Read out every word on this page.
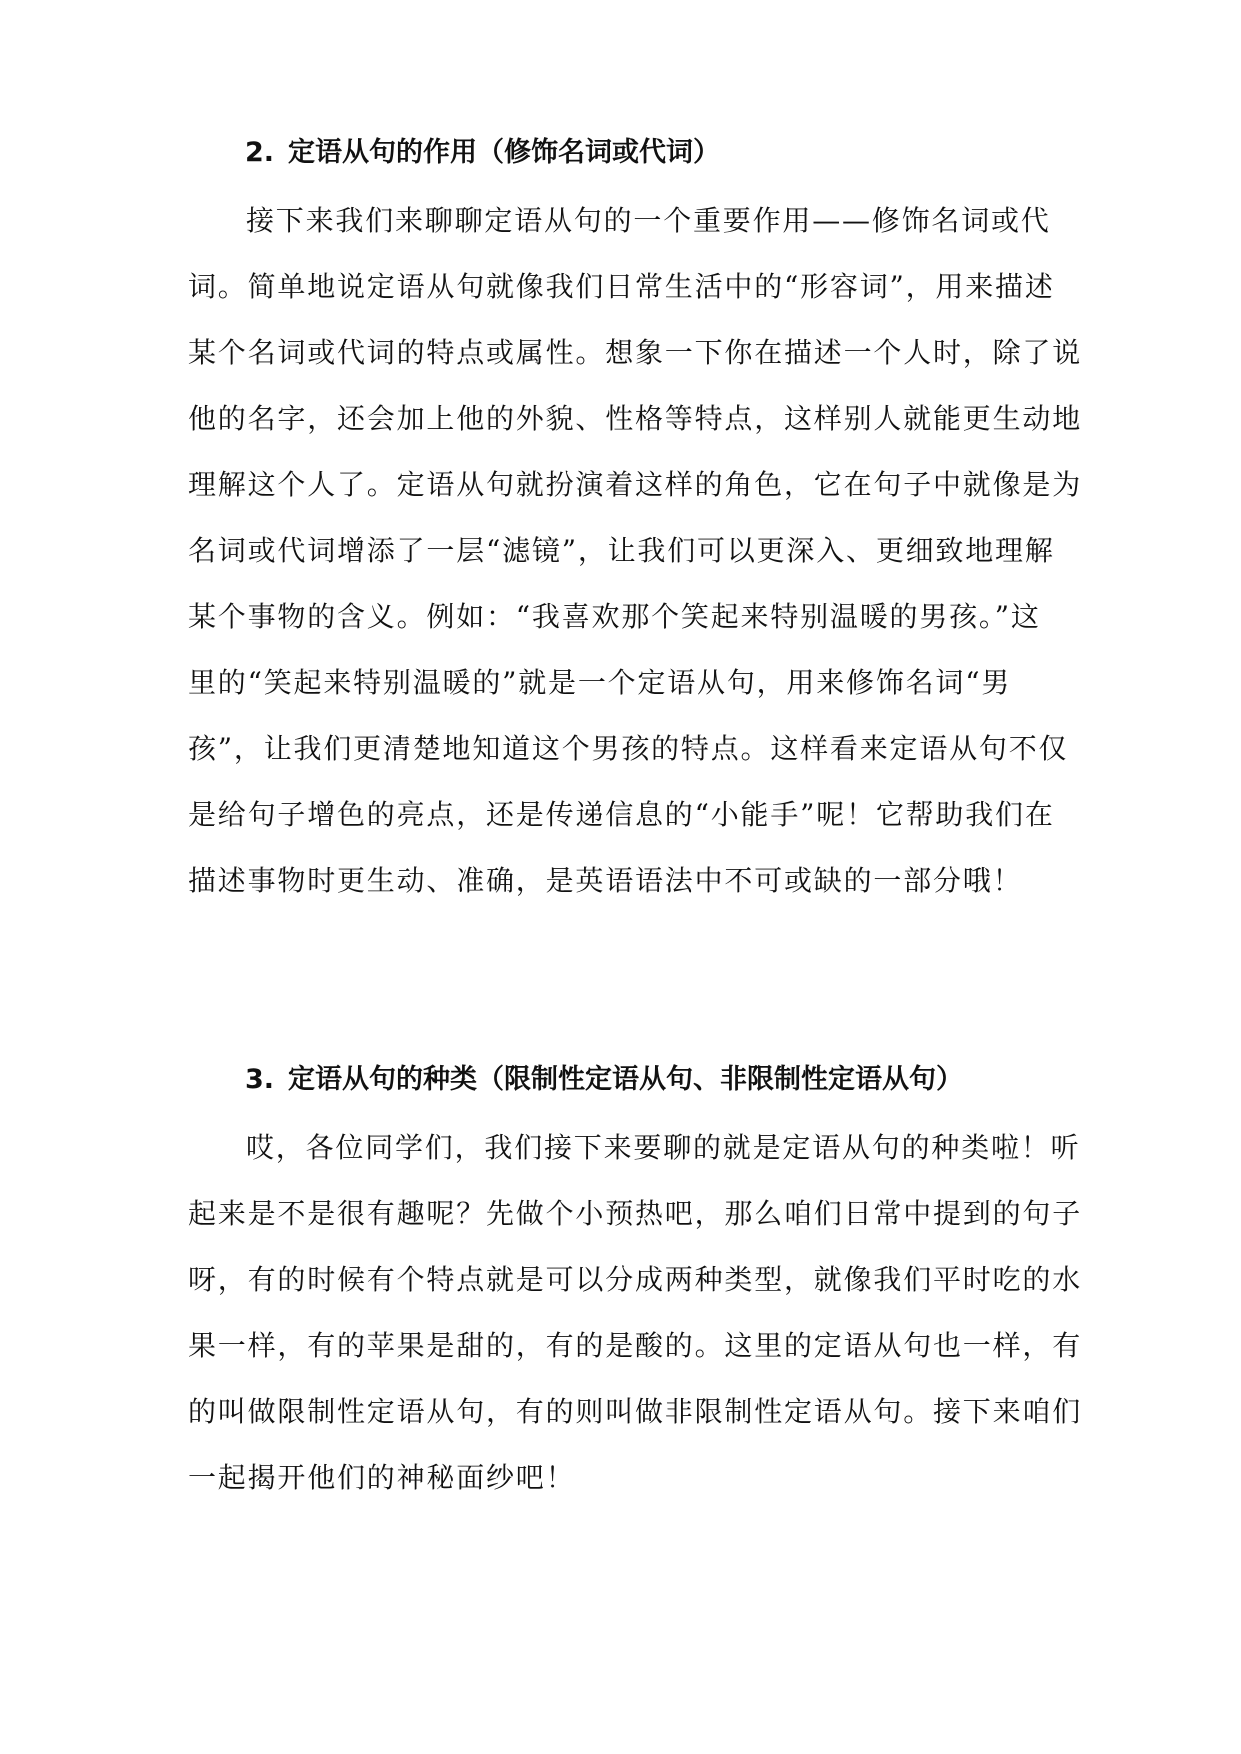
2. 定语从句的作用（修饰名词或代词）
接下来我们来聊聊定语从句的一个重要作用——修饰名词或代
词。简单地说定语从句就像我们日常生活中的“形容词”，用来描述
某个名词或代词的特点或属性。想象一下你在描述一个人时，除了说
他的名字，还会加上他的外貌、性格等特点，这样别人就能更生动地
理解这个人了。定语从句就扮演着这样的角色，它在句子中就像是为
名词或代词增添了一层“滤镜”，让我们可以更深入、更细致地理解
某个事物的含义。例如：“我喜欢那个笑起来特别温暖的男孩。”这
里的“笑起来特别温暖的”就是一个定语从句，用来修饰名词“男
孩”，让我们更清楚地知道这个男孩的特点。这样看来定语从句不仅
是给句子增色的亮点，还是传递信息的“小能手”呢！它帮助我们在
描述事物时更生动、准确，是英语语法中不可或缺的一部分哦！
3. 定语从句的种类（限制性定语从句、非限制性定语从句）
哎，各位同学们，我们接下来要聊的就是定语从句的种类啦！听
起来是不是很有趣呢？先做个小预热吧，那么咱们日常中提到的句子
呀，有的时候有个特点就是可以分成两种类型，就像我们平时吃的水
果一样，有的苹果是甜的，有的是酸的。这里的定语从句也一样，有
的叫做限制性定语从句，有的则叫做非限制性定语从句。接下来咱们
一起揭开他们的神秘面纱吧！
